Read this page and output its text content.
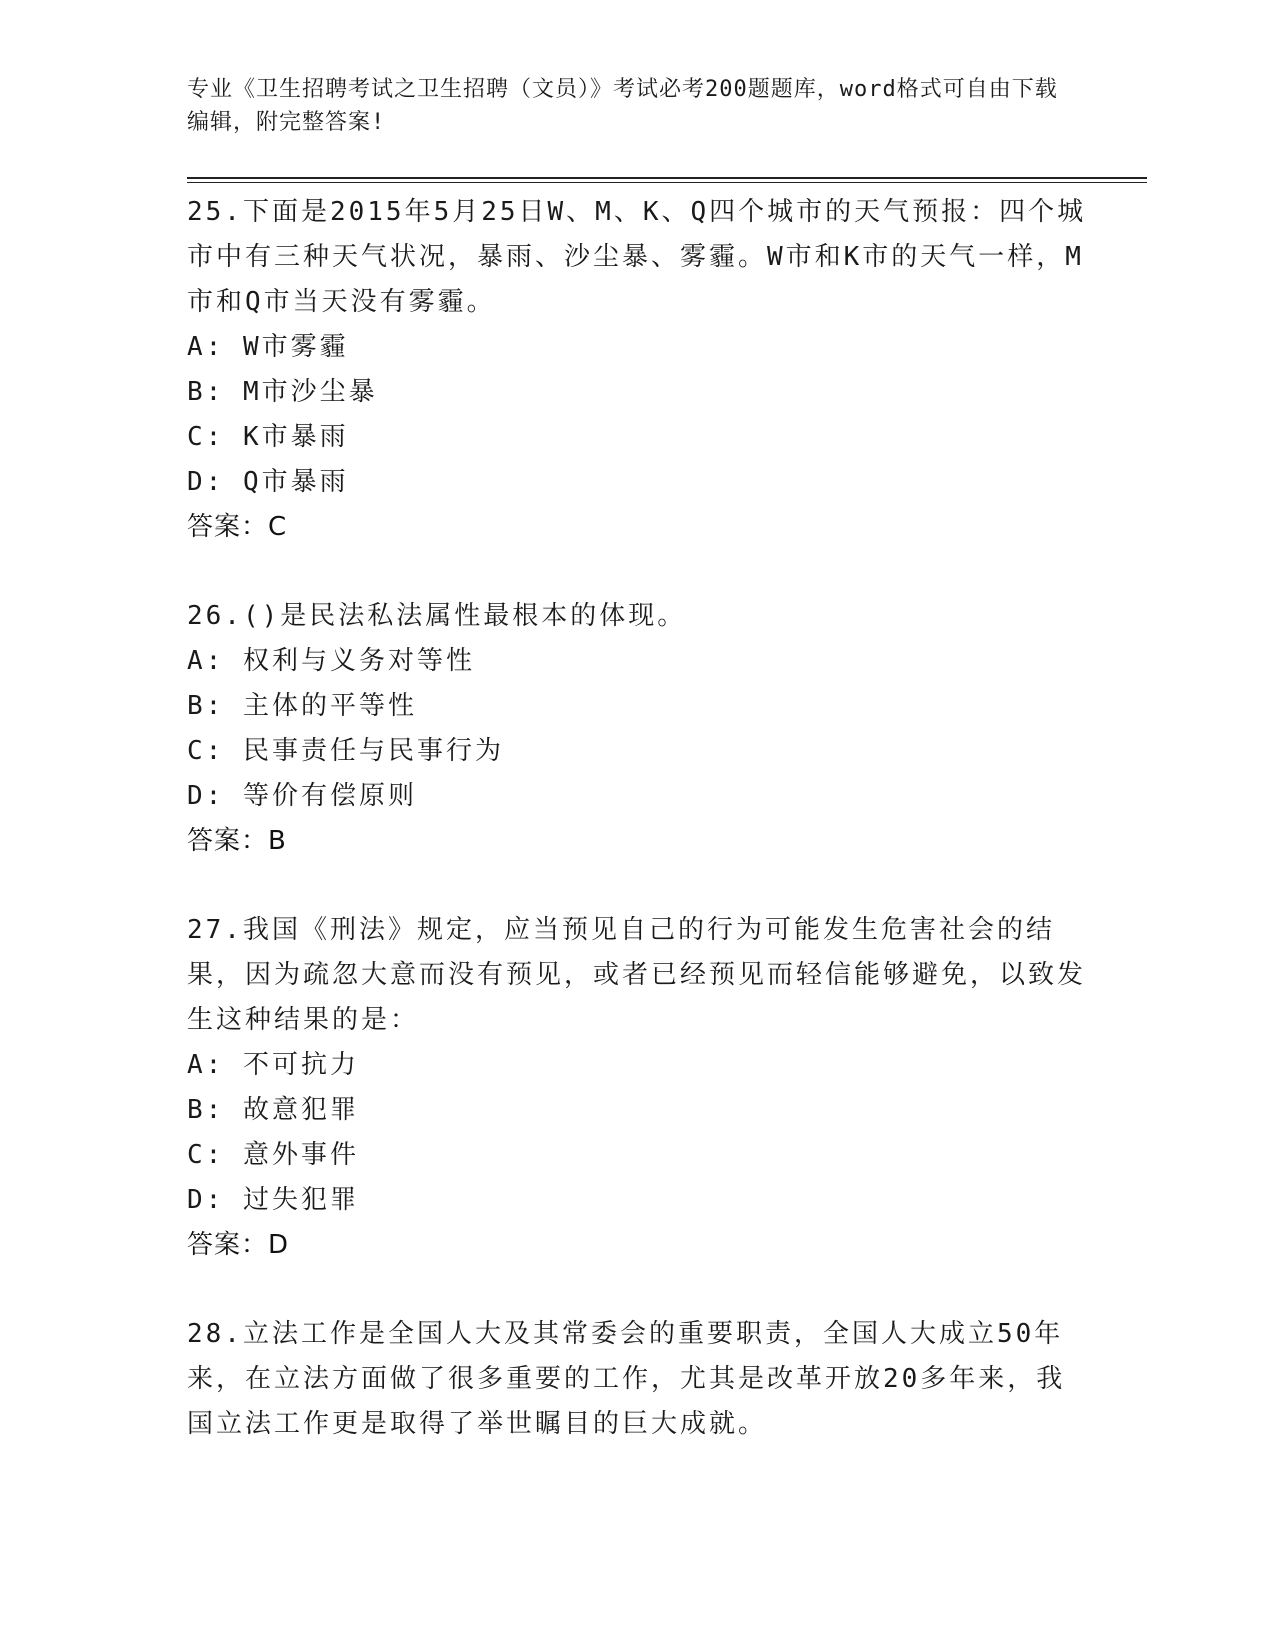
专业《卫生招聘考试之卫生招聘（文员）》考试必考200题题库，word格式可自由下载编辑，附完整答案!
25.下面是2015年5月25日W、M、K、Q四个城市的天气预报：四个城市中有三种天气状况，暴雨、沙尘暴、雾霾。W市和K市的天气一样，M市和Q市当天没有雾霾。
A: W市雾霾
B: M市沙尘暴
C: K市暴雨
D: Q市暴雨
答案：C
26.()是民法私法属性最根本的体现。
A: 权利与义务对等性
B: 主体的平等性
C: 民事责任与民事行为
D: 等价有偿原则
答案：B
27.我国《刑法》规定，应当预见自己的行为可能发生危害社会的结果，因为疏忽大意而没有预见，或者已经预见而轻信能够避免，以致发生这种结果的是：
A: 不可抗力
B: 故意犯罪
C: 意外事件
D: 过失犯罪
答案：D
28.立法工作是全国人大及其常委会的重要职责，全国人大成立50年来，在立法方面做了很多重要的工作，尤其是改革开放20多年来，我国立法工作更是取得了举世瞩目的巨大成就。
